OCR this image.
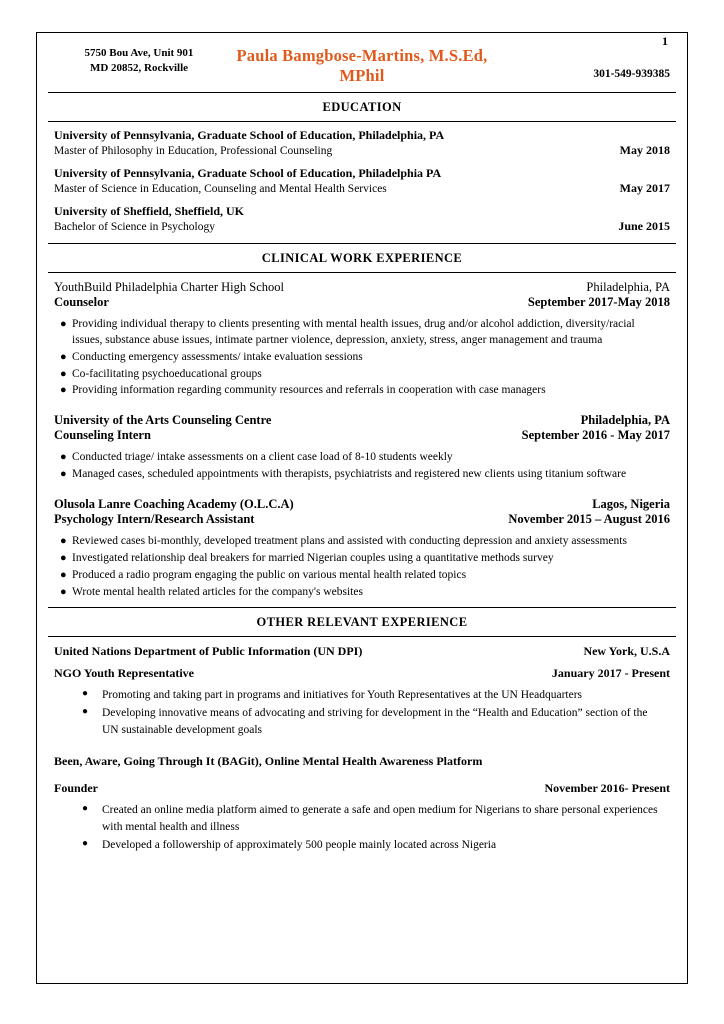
1
5750 Bou Ave, Unit 901
MD 20852, Rockville
Paula Bamgbose-Martins, M.S.Ed, MPhil	301-549-939385
EDUCATION
University of Pennsylvania, Graduate School of Education, Philadelphia, PA
Master of Philosophy in Education, Professional Counseling	May 2018
University of Pennsylvania, Graduate School of Education, Philadelphia PA
Master of Science in Education, Counseling and Mental Health Services	May 2017
University of Sheffield, Sheffield, UK
Bachelor of Science in Psychology	June 2015
CLINICAL WORK EXPERIENCE
YouthBuild Philadelphia Charter High School	Philadelphia, PA
Counselor	September 2017-May 2018
● Providing individual therapy to clients presenting with mental health issues, drug and/or alcohol addiction, diversity/racial issues, substance abuse issues, intimate partner violence, depression, anxiety, stress, anger management and trauma
● Conducting emergency assessments/ intake evaluation sessions
● Co-facilitating psychoeducational groups
● Providing information regarding community resources and referrals in cooperation with case managers
University of the Arts Counseling Centre	Philadelphia, PA
Counseling Intern	September 2016 - May 2017
● Conducted triage/ intake assessments on a client case load of 8-10 students weekly
● Managed cases, scheduled appointments with therapists, psychiatrists and registered new clients using titanium software
Olusola Lanre Coaching Academy (O.L.C.A)	Lagos, Nigeria
Psychology Intern/Research Assistant	November 2015 – August 2016
● Reviewed cases bi-monthly, developed treatment plans and assisted with conducting depression and anxiety assessments
● Investigated relationship deal breakers for married Nigerian couples using a quantitative methods survey
● Produced a radio program engaging the public on various mental health related topics
● Wrote mental health related articles for the company's websites
OTHER RELEVANT EXPERIENCE
United Nations Department of Public Information (UN DPI)	New York, U.S.A
NGO Youth Representative	January 2017 - Present
●	Promoting and taking part in programs and initiatives for Youth Representatives at the UN Headquarters
●	Developing innovative means of advocating and striving for development in the “Health and Education” section of the UN sustainable development goals
Been, Aware, Going Through It (BAGit), Online Mental Health Awareness Platform
Founder	November 2016- Present
●	Created an online media platform aimed to generate a safe and open medium for Nigerians to share personal experiences with mental health and illness
●	Developed a followership of approximately 500 people mainly located across Nigeria
